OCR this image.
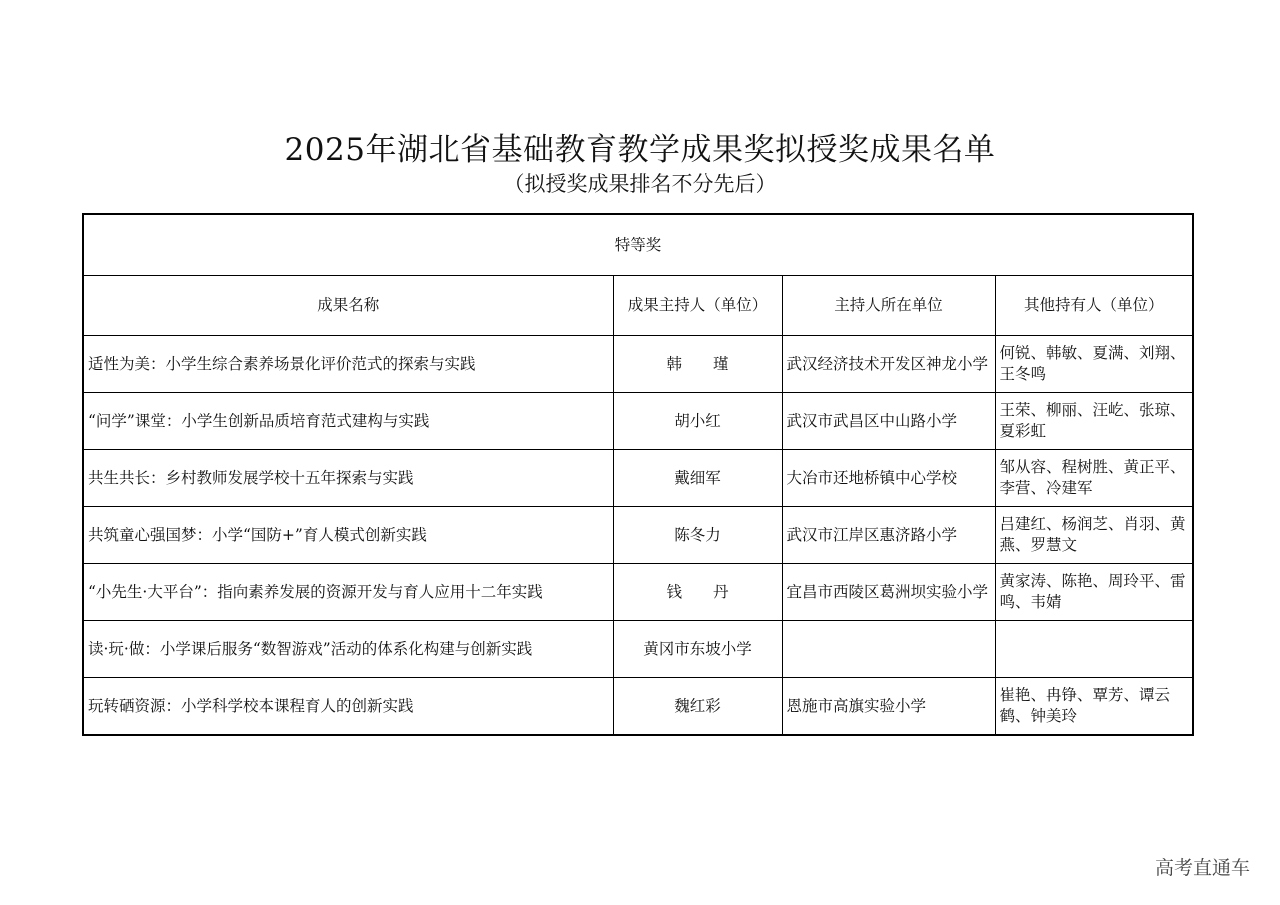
2025年湖北省基础教育教学成果奖拟授奖成果名单
（拟授奖成果排名不分先后）
特等奖			
成果名称	成果主持人（单位）	主持人所在单位	其他持有人（单位）
适性为美：小学生综合素养场景化评价范式的探索与实践	韩　　瑾	武汉经济技术开发区神龙小学	何锐、韩敏、夏满、刘翔、王冬鸣
“问学”课堂：小学生创新品质培育范式建构与实践	胡小红	武汉市武昌区中山路小学	王荣、柳丽、汪屹、张琼、夏彩虹
共生共长：乡村教师发展学校十五年探索与实践	戴细军	大冶市还地桥镇中心学校	邹从容、程树胜、黄正平、李营、冷建军
共筑童心强国梦：小学“国防+”育人模式创新实践	陈冬力	武汉市江岸区惠济路小学	吕建红、杨润芝、肖羽、黄燕、罗慧文
“小先生·大平台”：指向素养发展的资源开发与育人应用十二年实践	钱　　丹	宜昌市西陵区葛洲坝实验小学	黄家涛、陈艳、周玲平、雷鸣、韦婧
读·玩·做：小学课后服务“数智游戏”活动的体系化构建与创新实践	黄冈市东坡小学		
玩转硒资源：小学科学校本课程育人的创新实践	魏红彩	恩施市高旗实验小学	崔艳、冉铮、覃芳、谭云鹤、钟美玲
高考直通车
